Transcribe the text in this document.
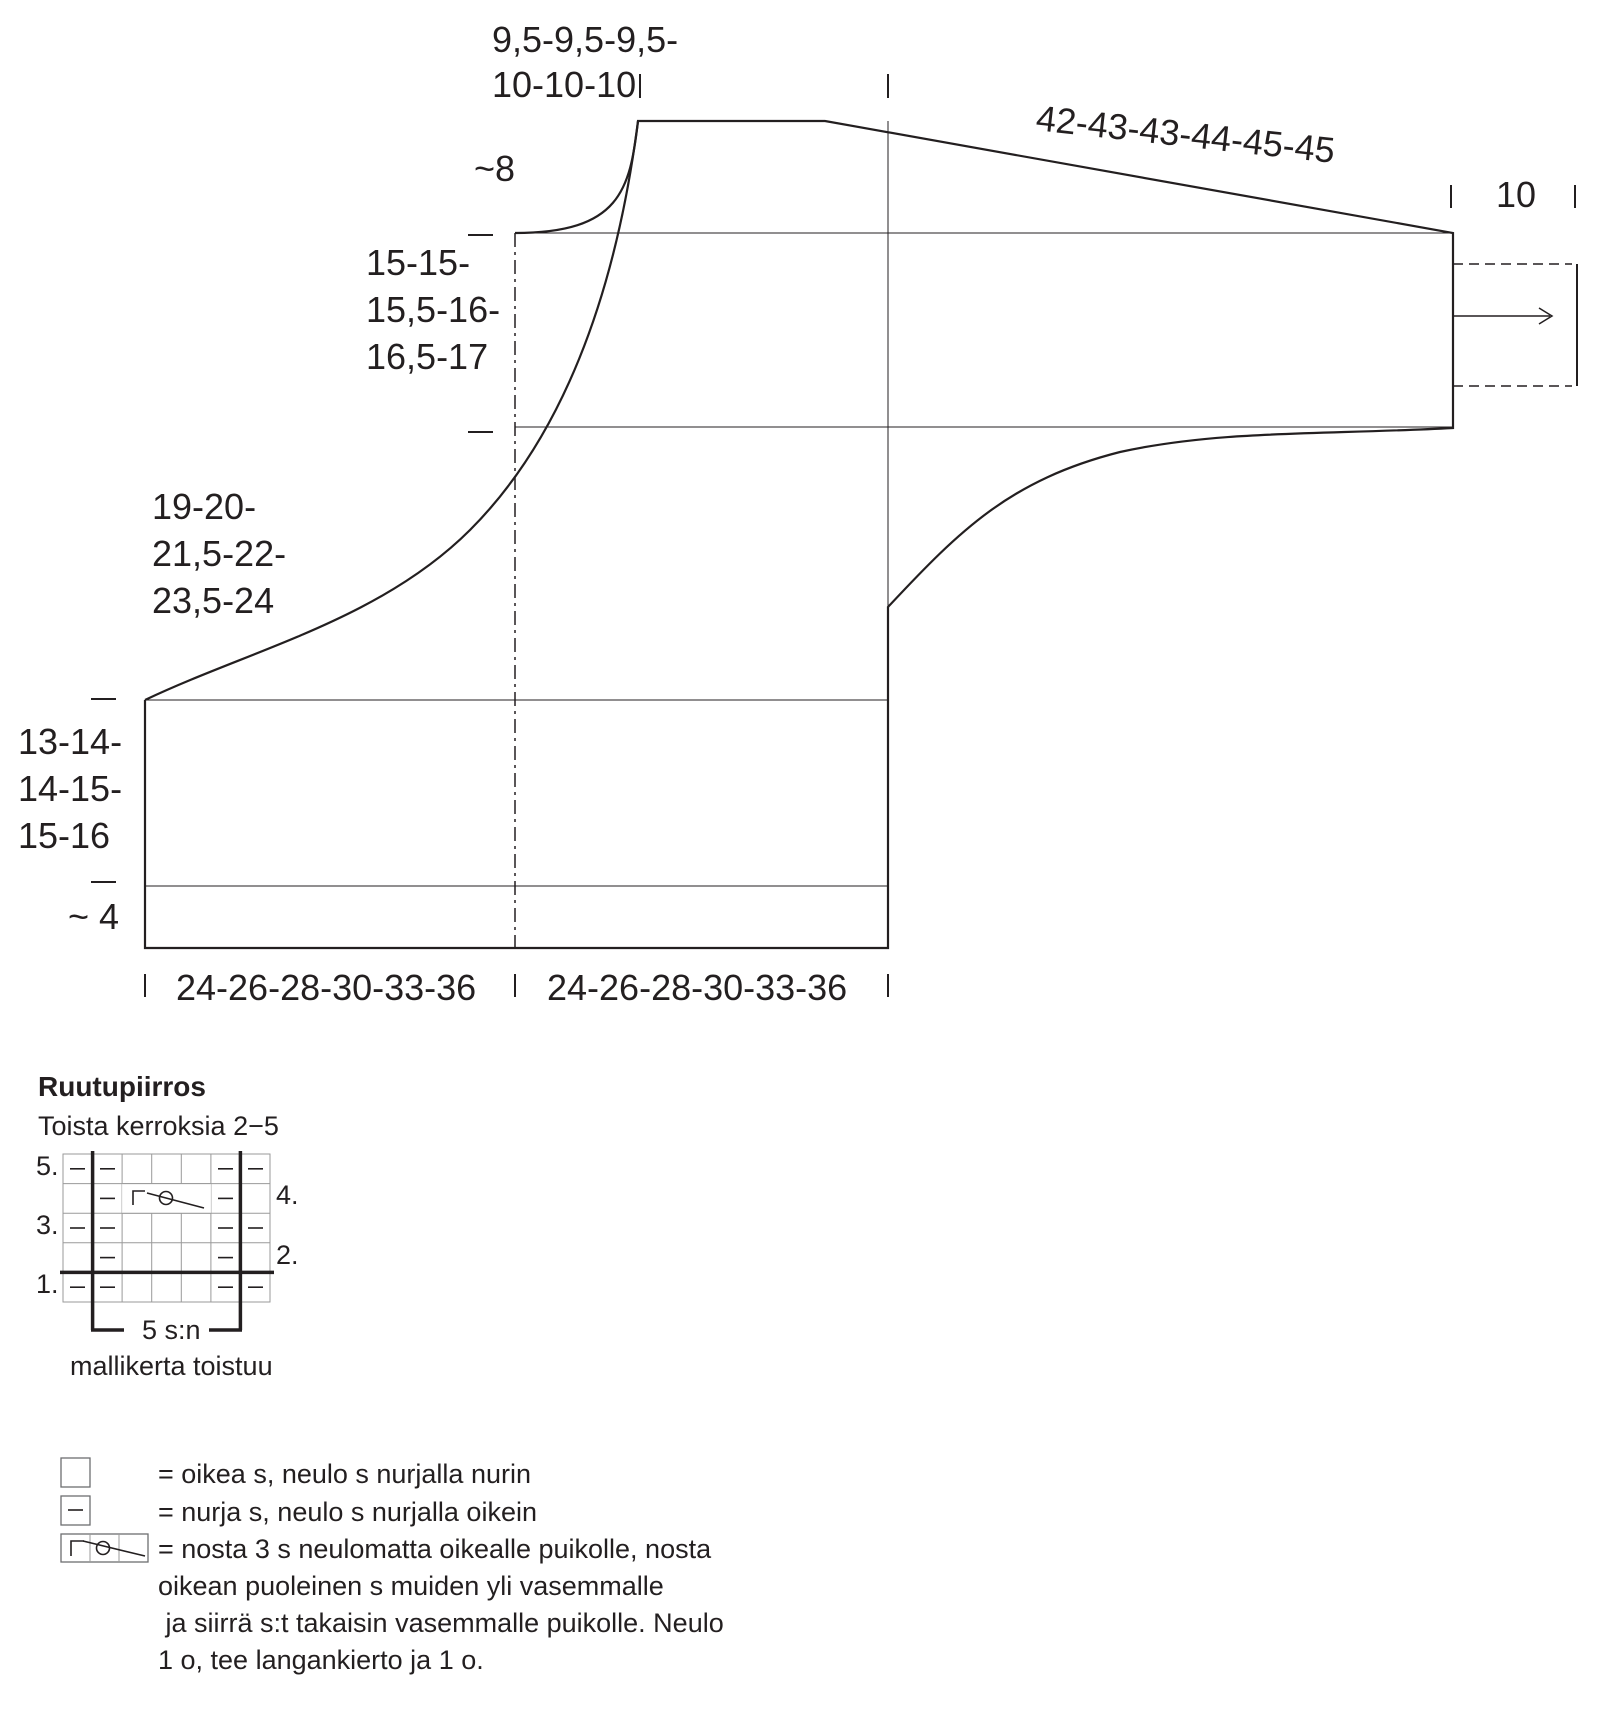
9,5-9,5-9,5-
10-10-10
42-43-43-44-45-45
10
~8
15-15-
15,5-16-
16,5-17
19-20-
21,5-22-
23,5-24
13-14-
14-15-
15-16
~ 4
24-26-28-30-33-36 24-26-28-30-33-36
Ruutupiirros
Toista kerroksia 2−5
5.
4.
3.
2.
1.
5 s:n
mallikerta toistuu
= oikea s, neulo s nurjalla nurin
= nurja s, neulo s nurjalla oikein
= nosta 3 s neulomatta oikealle puikolle, nosta
oikean puoleinen s muiden yli vasemmalle
ja siirrä s:t takaisin vasemmalle puikolle. Neulo
1 o, tee langankierto ja 1 o.
